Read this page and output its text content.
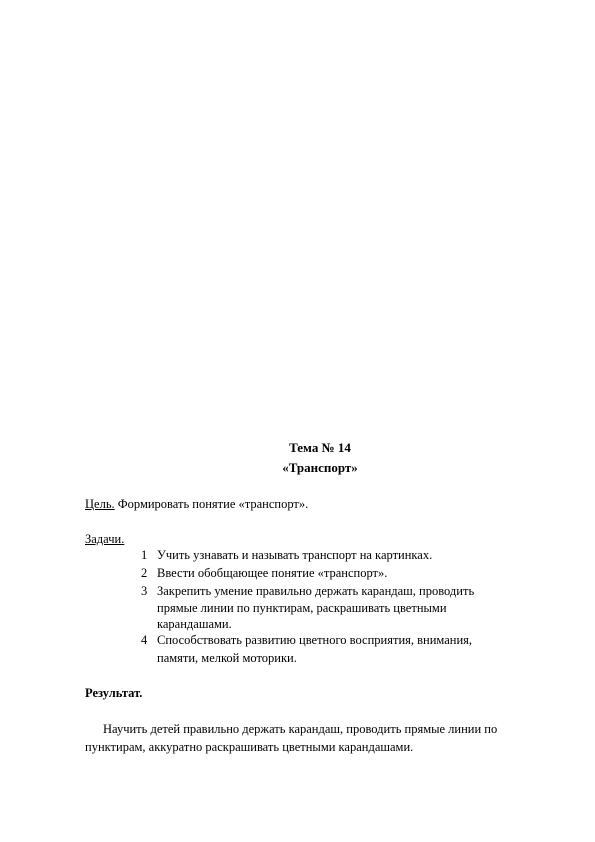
Тема № 14
«Транспорт»
Цель. Формировать понятие «транспорт».
Задачи.
1 Учить узнавать и называть транспорт на картинках.
2 Ввести обобщающее понятие «транспорт».
3 Закрепить умение правильно держать карандаш, проводить
прямые линии по пунктирам, раскрашивать цветными
карандашами.
4 Способствовать развитию цветного восприятия, внимания,
памяти, мелкой моторики.
Результат.
Научить детей правильно держать карандаш, проводить прямые линии по
пунктирам, аккуратно раскрашивать цветными карандашами.
